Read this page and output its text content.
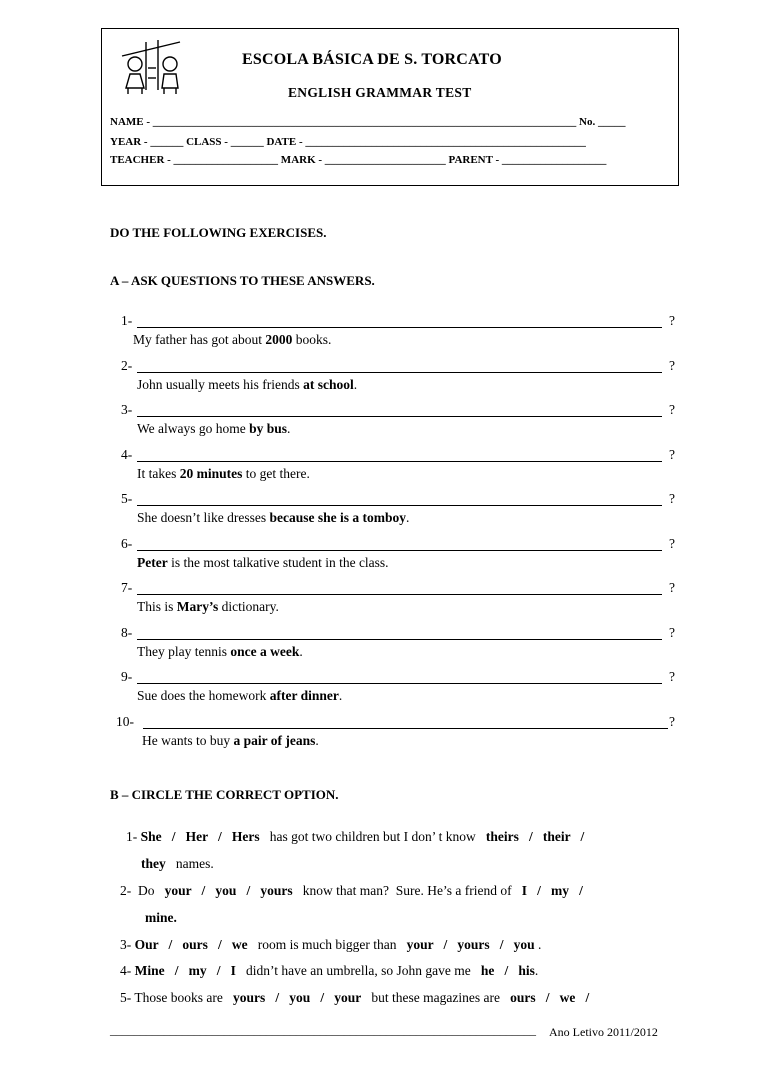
ESCOLA BÁSICA DE S. TORCATO
ENGLISH GRAMMAR TEST
NAME - _____________________________________________________________________________ No. _____
YEAR - ______ CLASS - ______ DATE - ___________________________________________________
TEACHER - ___________________ MARK - ______________________ PARENT - ___________________
DO THE FOLLOWING EXERCISES.
A – ASK QUESTIONS TO THESE ANSWERS.
1-	?
My father has got about 2000 books.
2-	?
John usually meets his friends at school.
3-	?
We always go home by bus.
4-	?
It takes 20 minutes to get there.
5-	?
She doesn’t like dresses because she is a tomboy.
6-	?
Peter is the most talkative student in the class.
7-	?
This is Mary’s dictionary.
8-	?
They play tennis once a week.
9-	?
Sue does the homework after dinner.
10-	?
He wants to buy a pair of jeans.
B – CIRCLE THE CORRECT OPTION.
1- She   /   Her   /   Hers   has got two children but I don’ t know   theirs   /   their   /
they   names.
2-  Do   your   /   you   /   yours   know that man?  Sure. He’s a friend of   I   /   my   /
mine.
3- Our   /   ours   /   we   room is much bigger than   your   /   yours   /   you .
4- Mine   /   my   /   I   didn’t have an umbrella, so John gave me   he   /   his.
5- Those books are   yours   /   you   /   your   but these magazines are   ours   /   we   /
_______________________________________________________________________ Ano Letivo 2011/2012
